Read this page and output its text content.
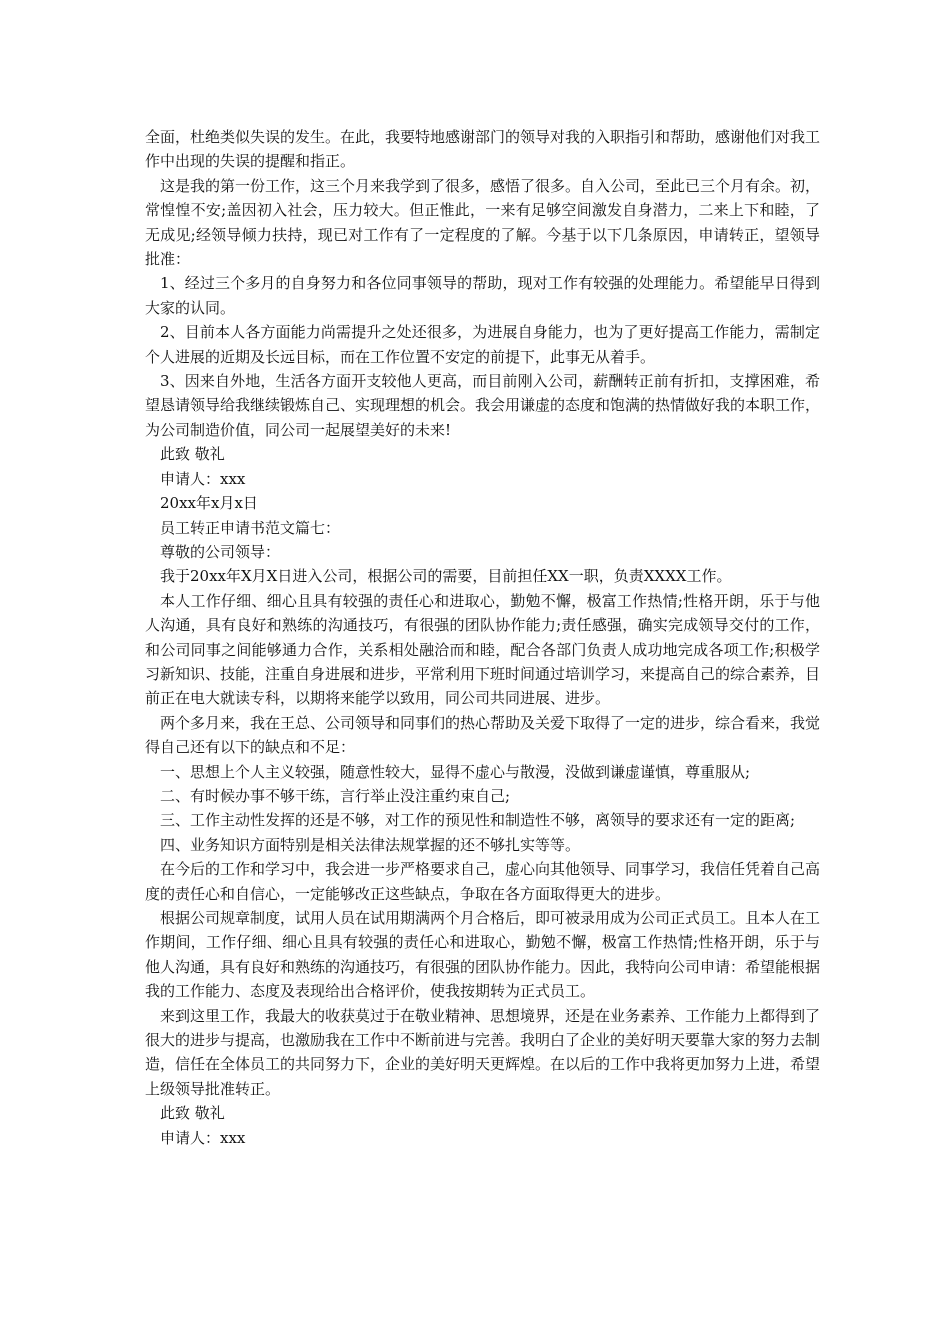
全面，杜绝类似失误的发生。在此，我要特地感谢部门的领导对我的入职指引和帮助，感谢他们对我工作中出现的失误的提醒和指正。

这是我的第一份工作，这三个月来我学到了很多，感悟了很多。自入公司，至此已三个月有余。初，常惶惶不安;盖因初入社会，压力较大。但正惟此，一来有足够空间激发自身潜力，二来上下和睦，了无成见;经领导倾力扶持，现已对工作有了一定程度的了解。今基于以下几条原因，申请转正，望领导批准：

1、经过三个多月的自身努力和各位同事领导的帮助，现对工作有较强的处理能力。希望能早日得到大家的认同。

2、目前本人各方面能力尚需提升之处还很多，为进展自身能力，也为了更好提高工作能力，需制定个人进展的近期及长远目标，而在工作位置不安定的前提下，此事无从着手。

3、因来自外地，生活各方面开支较他人更高，而目前刚入公司，薪酬转正前有折扣，支撑困难，希望恳请领导给我继续锻炼自己、实现理想的机会。我会用谦虚的态度和饱满的热情做好我的本职工作，为公司制造价值，同公司一起展望美好的未来!

此致 敬礼

申请人：xxx

20xx年x月x日

员工转正申请书范文篇七：

尊敬的公司领导：

我于20xx年X月X日进入公司，根据公司的需要，目前担任XX一职，负责XXXX工作。

本人工作仔细、细心且具有较强的责任心和进取心，勤勉不懈，极富工作热情;性格开朗，乐于与他人沟通，具有良好和熟练的沟通技巧，有很强的团队协作能力;责任感强，确实完成领导交付的工作，和公司同事之间能够通力合作，关系相处融洽而和睦，配合各部门负责人成功地完成各项工作;积极学习新知识、技能，注重自身进展和进步，平常利用下班时间通过培训学习，来提高自己的综合素养，目前正在电大就读专科，以期将来能学以致用，同公司共同进展、进步。

两个多月来，我在王总、公司领导和同事们的热心帮助及关爱下取得了一定的进步，综合看来，我觉得自己还有以下的缺点和不足：

一、思想上个人主义较强，随意性较大，显得不虚心与散漫，没做到谦虚谨慎，尊重服从;

二、有时候办事不够干练，言行举止没注重约束自己;

三、工作主动性发挥的还是不够，对工作的预见性和制造性不够，离领导的要求还有一定的距离;

四、业务知识方面特别是相关法律法规掌握的还不够扎实等等。

在今后的工作和学习中，我会进一步严格要求自己，虚心向其他领导、同事学习，我信任凭着自己高度的责任心和自信心，一定能够改正这些缺点，争取在各方面取得更大的进步。

根据公司规章制度，试用人员在试用期满两个月合格后，即可被录用成为公司正式员工。且本人在工作期间，工作仔细、细心且具有较强的责任心和进取心，勤勉不懈，极富工作热情;性格开朗，乐于与他人沟通，具有良好和熟练的沟通技巧，有很强的团队协作能力。因此，我特向公司申请：希望能根据我的工作能力、态度及表现给出合格评价，使我按期转为正式员工。

来到这里工作，我最大的收获莫过于在敬业精神、思想境界，还是在业务素养、工作能力上都得到了很大的进步与提高，也激励我在工作中不断前进与完善。我明白了企业的美好明天要靠大家的努力去制造，信任在全体员工的共同努力下，企业的美好明天更辉煌。在以后的工作中我将更加努力上进，希望上级领导批准转正。

此致 敬礼

申请人：xxx
